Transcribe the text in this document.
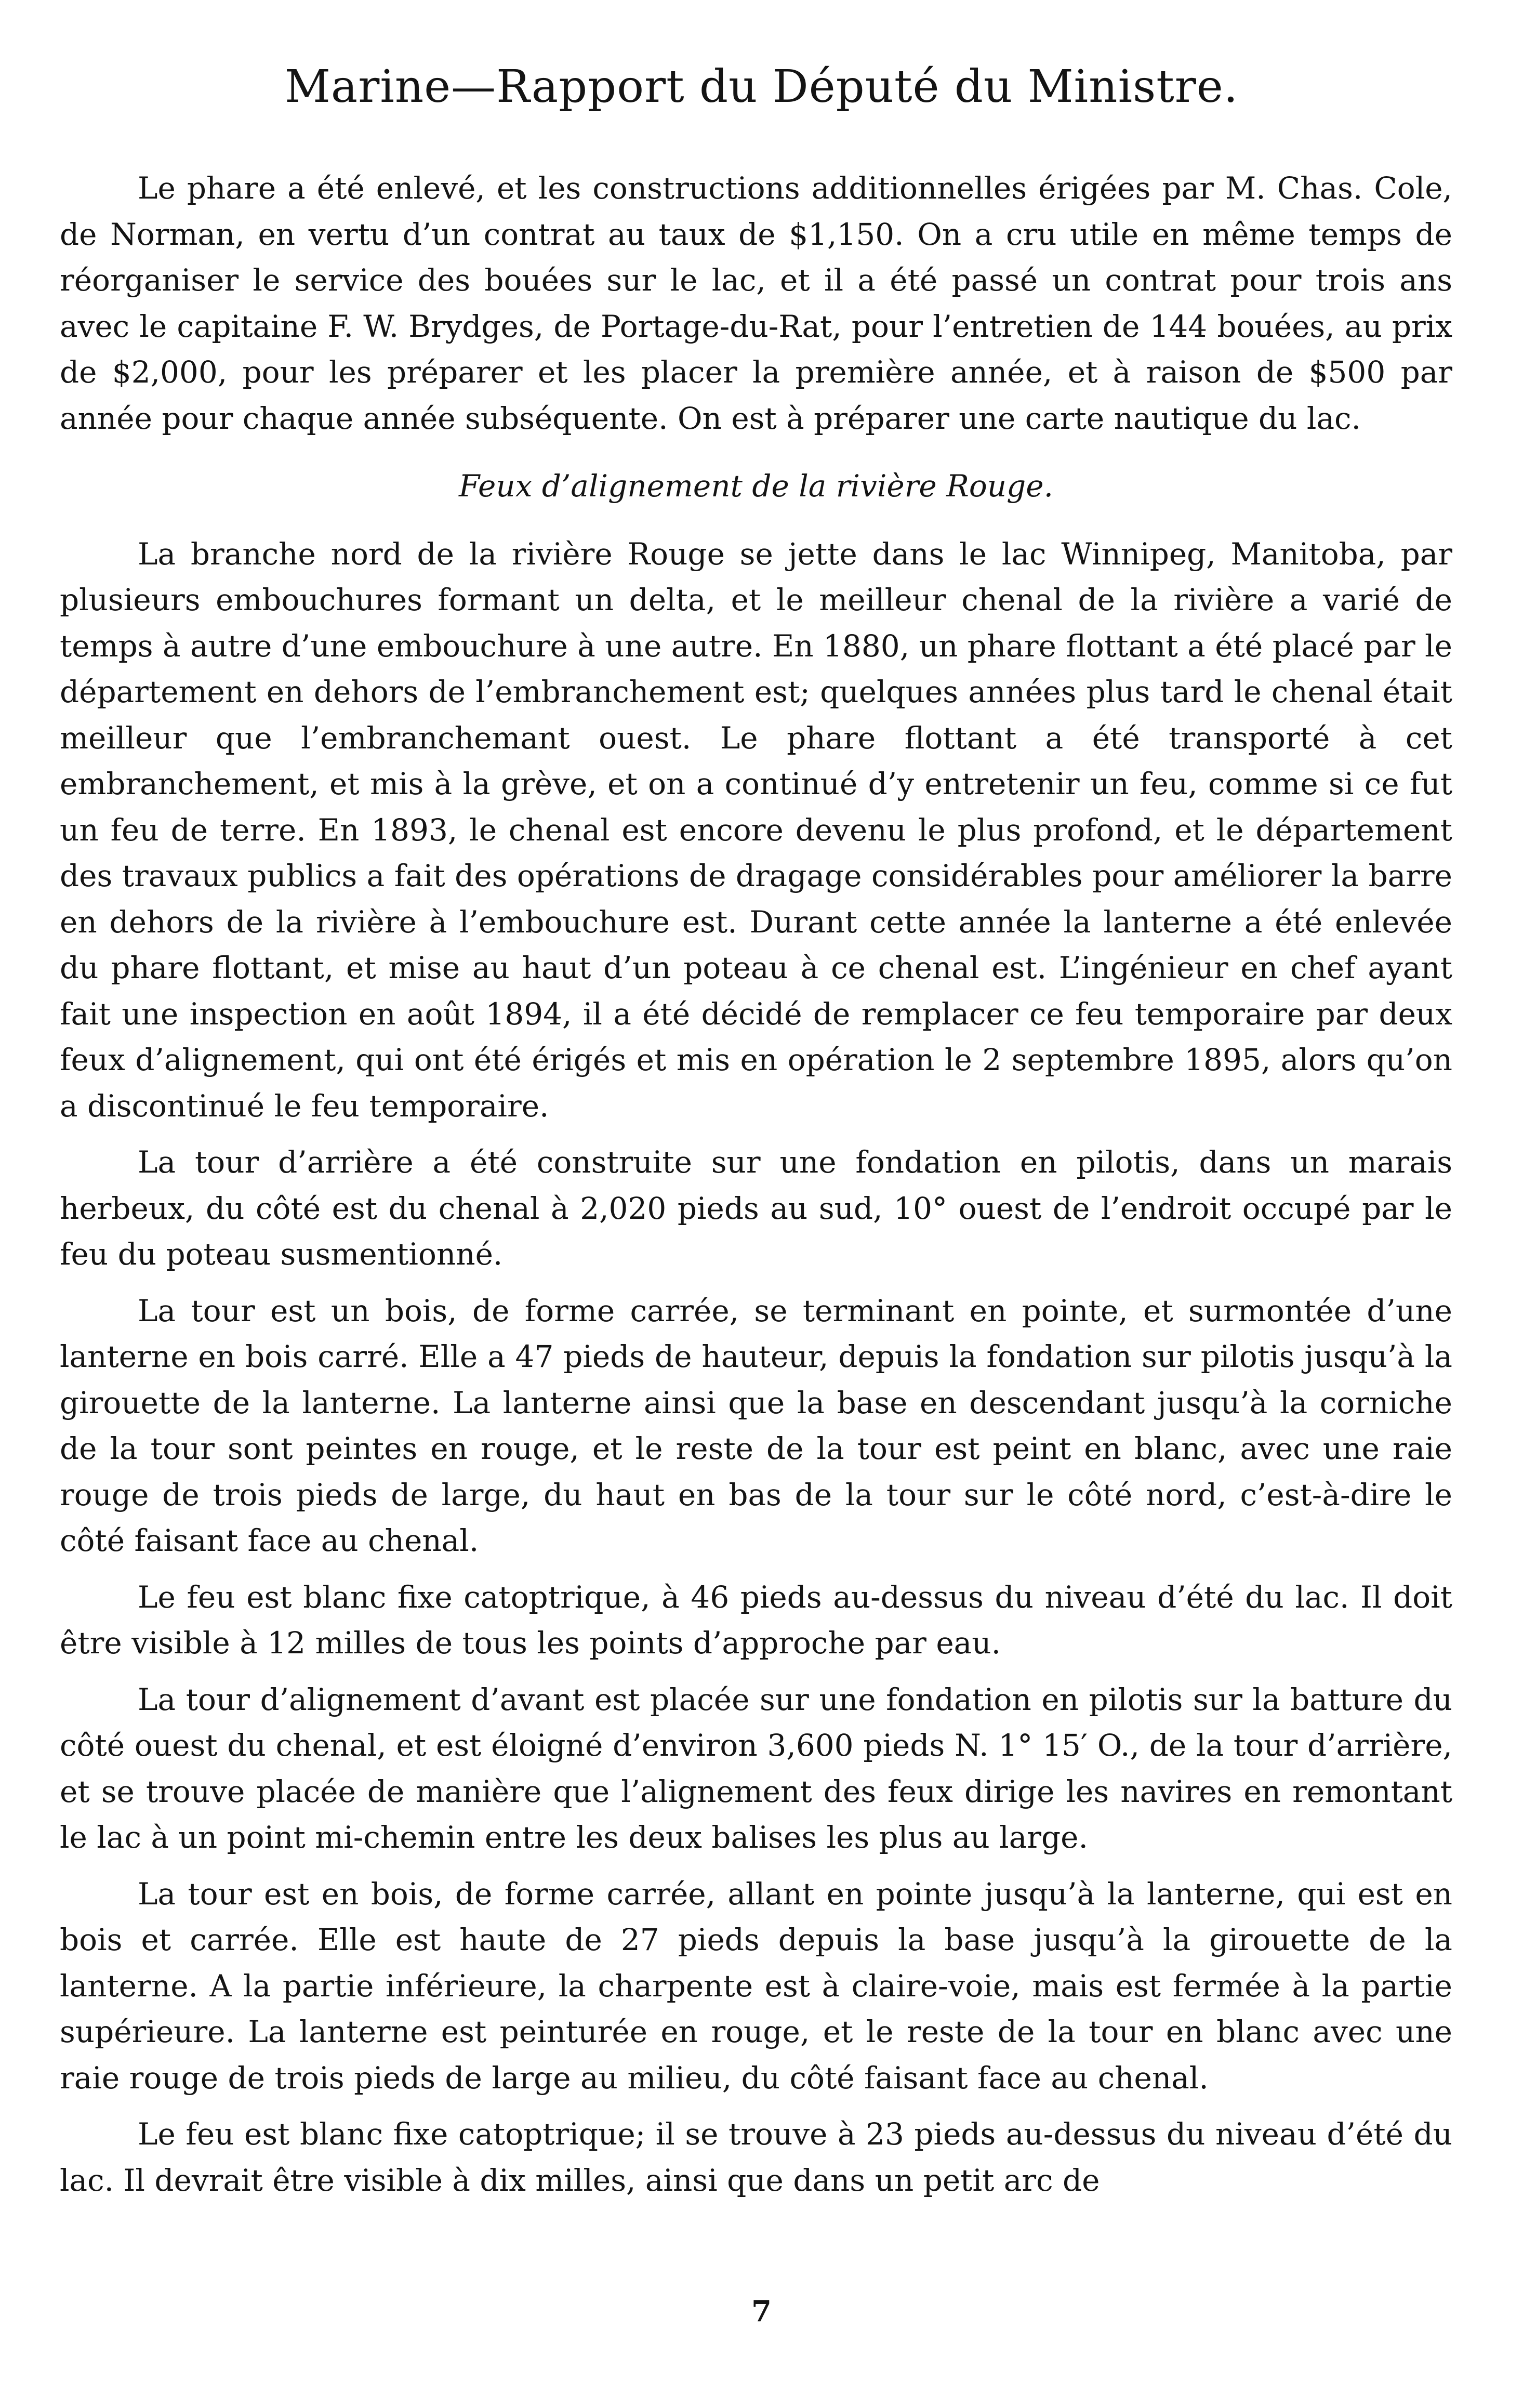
Marine—Rapport du Député du Ministre.

Le phare a été enlevé, et les constructions additionnelles érigées par M. Chas. Cole, de Norman, en vertu d’un contrat au taux de $1,150. On a cru utile en même temps de réorganiser le service des bouées sur le lac, et il a été passé un contrat pour trois ans avec le capitaine F. W. Brydges, de Portage-du-Rat, pour l’entretien de 144 bouées, au prix de $2,000, pour les préparer et les placer la première année, et à raison de $500 par année pour chaque année subséquente. On est à préparer une carte nautique du lac.

Feux d’alignement de la rivière Rouge.

La branche nord de la rivière Rouge se jette dans le lac Winnipeg, Manitoba, par plusieurs embouchures formant un delta, et le meilleur chenal de la rivière a varié de temps à autre d’une embouchure à une autre. En 1880, un phare flottant a été placé par le département en dehors de l’embranchement est; quelques années plus tard le chenal était meilleur que l’embranchemant ouest. Le phare flottant a été transporté à cet embranchement, et mis à la grève, et on a continué d’y entretenir un feu, comme si ce fut un feu de terre. En 1893, le chenal est encore devenu le plus profond, et le département des travaux publics a fait des opérations de dragage considérables pour améliorer la barre en dehors de la rivière à l’embouchure est. Durant cette année la lanterne a été enlevée du phare flottant, et mise au haut d’un poteau à ce chenal est. L’ingénieur en chef ayant fait une inspection en août 1894, il a été décidé de remplacer ce feu temporaire par deux feux d’alignement, qui ont été érigés et mis en opération le 2 septembre 1895, alors qu’on a discontinué le feu temporaire.

La tour d’arrière a été construite sur une fondation en pilotis, dans un marais herbeux, du côté est du chenal à 2,020 pieds au sud, 10° ouest de l’endroit occupé par le feu du poteau susmentionné.

La tour est un bois, de forme carrée, se terminant en pointe, et surmontée d’une lanterne en bois carré. Elle a 47 pieds de hauteur, depuis la fondation sur pilotis jusqu’à la girouette de la lanterne. La lanterne ainsi que la base en descendant jusqu’à la corniche de la tour sont peintes en rouge, et le reste de la tour est peint en blanc, avec une raie rouge de trois pieds de large, du haut en bas de la tour sur le côté nord, c’est-à-dire le côté faisant face au chenal.

Le feu est blanc fixe catoptrique, à 46 pieds au-dessus du niveau d’été du lac. Il doit être visible à 12 milles de tous les points d’approche par eau.

La tour d’alignement d’avant est placée sur une fondation en pilotis sur la batture du côté ouest du chenal, et est éloigné d’environ 3,600 pieds N. 1° 15′ O., de la tour d’arrière, et se trouve placée de manière que l’alignement des feux dirige les navires en remontant le lac à un point mi-chemin entre les deux balises les plus au large.

La tour est en bois, de forme carrée, allant en pointe jusqu’à la lanterne, qui est en bois et carrée. Elle est haute de 27 pieds depuis la base jusqu’à la girouette de la lanterne. A la partie inférieure, la charpente est à claire-voie, mais est fermée à la partie supérieure. La lanterne est peinturée en rouge, et le reste de la tour en blanc avec une raie rouge de trois pieds de large au milieu, du côté faisant face au chenal.

Le feu est blanc fixe catoptrique; il se trouve à 23 pieds au-dessus du niveau d’été du lac. Il devrait être visible à dix milles, ainsi que dans un petit arc de

7
